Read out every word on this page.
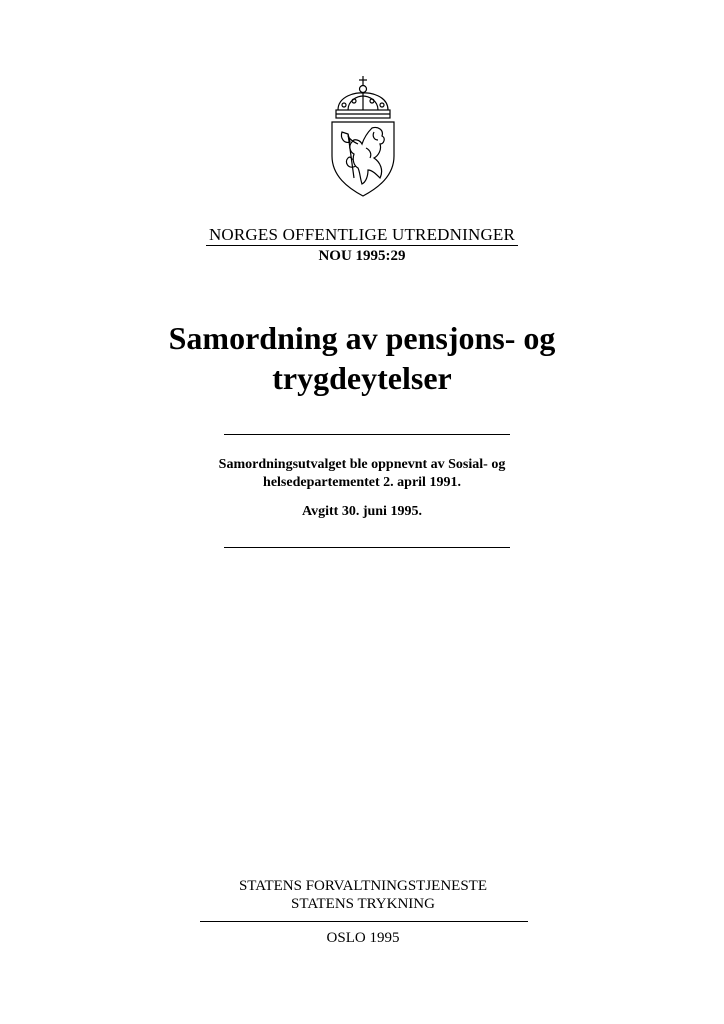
NORGES OFFENTLIGE UTREDNINGER
NOU 1995:29
Samordning av pensjons- og
trygdeytelser
Samordningsutvalget ble oppnevnt av Sosial- og
helsedepartementet 2. april 1991.
Avgitt 30. juni 1995.
STATENS FORVALTNINGSTJENESTE
STATENS TRYKNING
OSLO 1995
